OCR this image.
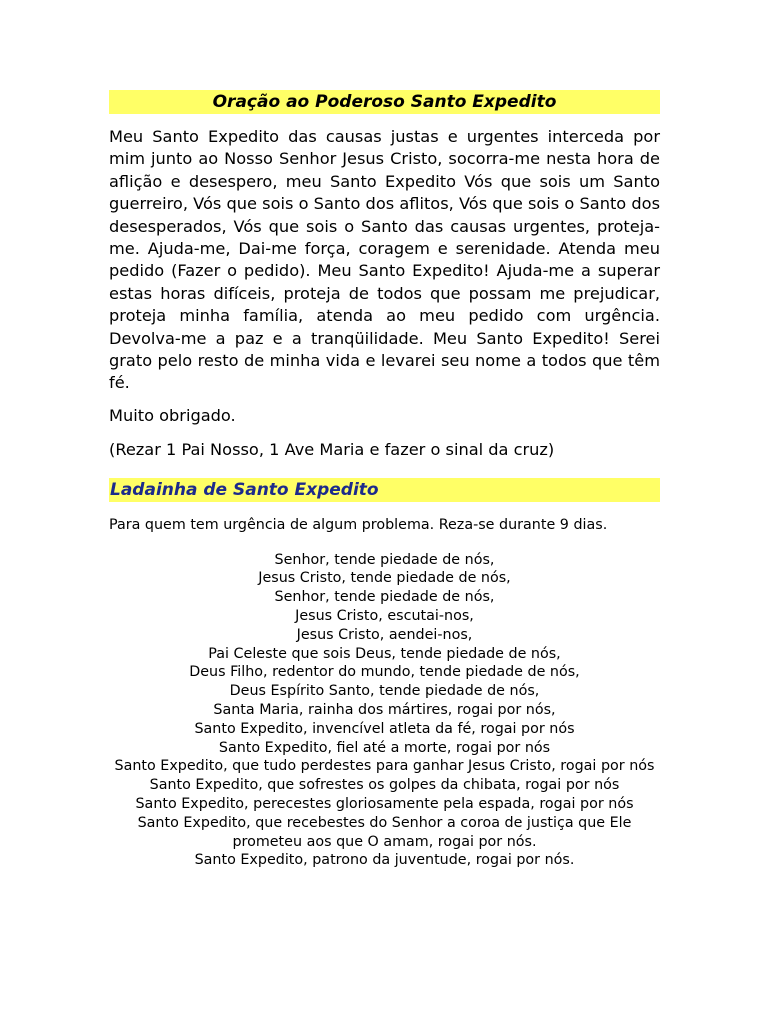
Oração ao Poderoso Santo Expedito
Meu Santo Expedito das causas justas e urgentes interceda por mim junto ao Nosso Senhor Jesus Cristo, socorra-me nesta hora de aflição e desespero, meu Santo Expedito Vós que sois um Santo guerreiro, Vós que sois o Santo dos aflitos, Vós que sois o Santo dos desesperados, Vós que sois o Santo das causas urgentes, proteja-me. Ajuda-me, Dai-me força, coragem e serenidade. Atenda meu pedido (Fazer o pedido). Meu Santo Expedito! Ajuda-me a superar estas horas difíceis, proteja de todos que possam me prejudicar, proteja minha família, atenda ao meu pedido com urgência. Devolva-me a paz e a tranqüilidade. Meu Santo Expedito! Serei grato pelo resto de minha vida e levarei seu nome a todos que têm fé.
Muito obrigado.
(Rezar 1 Pai Nosso, 1 Ave Maria e fazer o sinal da cruz)
Ladainha de Santo Expedito
Para quem tem urgência de algum problema. Reza-se durante 9 dias.
Senhor, tende piedade de nós,
Jesus Cristo, tende piedade de nós,
Senhor, tende piedade de nós,
Jesus Cristo, escutai-nos,
Jesus Cristo, aendei-nos,
Pai Celeste que sois Deus, tende piedade de nós,
Deus Filho, redentor do mundo, tende piedade de nós,
Deus Espírito Santo, tende piedade de nós,
Santa Maria, rainha dos mártires, rogai por nós,
Santo Expedito, invencível atleta da fé, rogai por nós
Santo Expedito, fiel até a morte, rogai por nós
Santo Expedito, que tudo perdestes para ganhar Jesus Cristo, rogai por nós
Santo Expedito, que sofrestes os golpes da chibata, rogai por nós
Santo Expedito, perecestes gloriosamente pela espada, rogai por nós
Santo Expedito, que recebestes do Senhor a coroa de justiça que Ele prometeu aos que O amam, rogai por nós.
Santo Expedito, patrono da juventude, rogai por nós.
